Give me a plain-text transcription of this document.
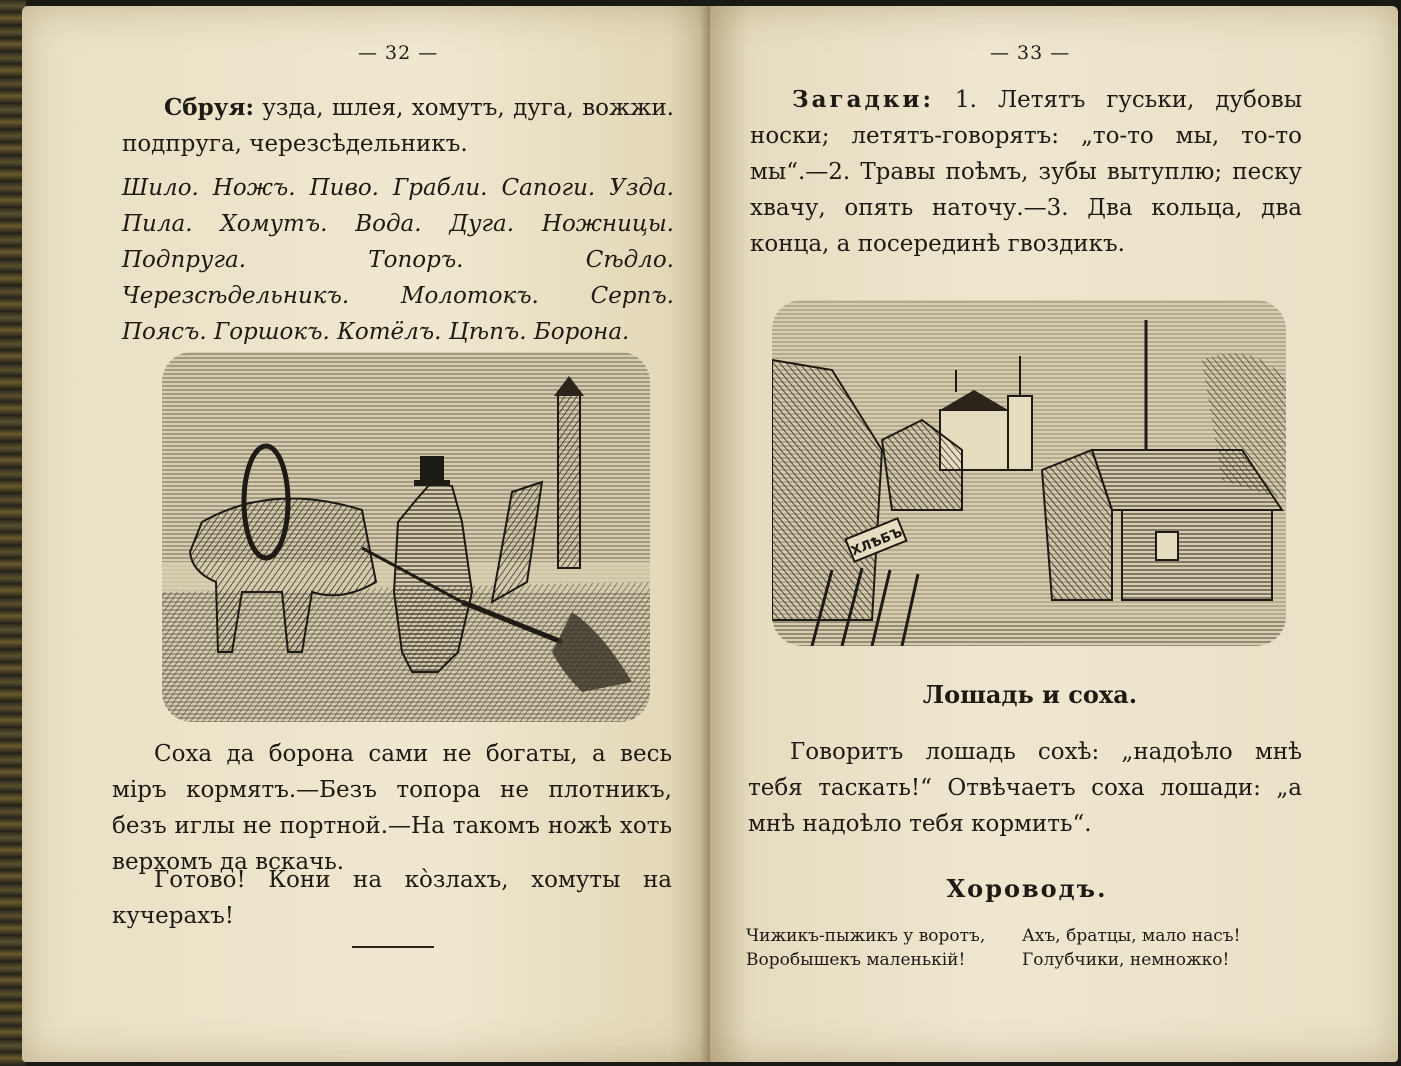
— 32 —
Сбруя: узда, шлея, хомутъ, дуга, вожжи. подпруга, черезсѣдельникъ.
Шило. Ножъ. Пиво. Грабли. Сапоги. Узда. Пила. Хомутъ. Вода. Дуга. Ножницы. Подпруга. Топоръ. Сѣдло. Черезсѣдельникъ. Молотокъ. Серпъ. Поясъ. Горшокъ. Котёлъ. Цѣпъ. Борона.
Соха да борона сами не богаты, а весь міръ кормятъ.—Безъ топора не плотникъ, безъ иглы не портной.—На такомъ ножѣ хоть верхомъ да вскачь.
Готово! Кони на кòзлахъ, хомуты на кучерахъ!
— 33 —
Загадки: 1. Летятъ гуськи, дубовы носки; летятъ-говорятъ: „то-то мы, то-то мы“.—2. Травы поѣмъ, зубы вытуплю; песку хвачу, опять наточу.—3. Два кольца, два конца, а посерединѣ гвоздикъ.
ХЛѢБЪ
Лошадь и соха.
Говоритъ лошадь сохѣ: „надоѣло мнѣ тебя таскать!“ Отвѣчаетъ соха лошади: „а мнѣ надоѣло тебя кормить“.
Хороводъ.
Чижикъ-пыжикъ у воротъ,
Воробышекъ маленькій!
Ахъ, братцы, мало насъ!
Голубчики, немножко!
